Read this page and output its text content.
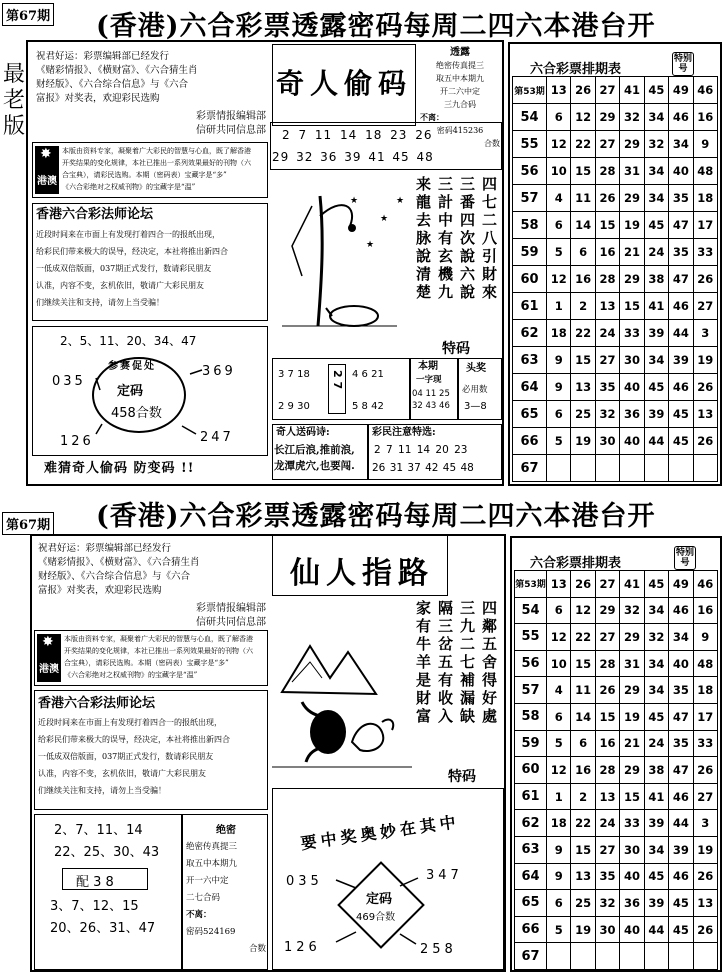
第67期 (香港)六合彩票透露密码每周二四六本港台开
最
老
版
祝君好运：彩票编辑部已经发行
《赌彩情报》、《横财富》、《六合猜生肖
财经版》、《六合综合信息》与《六合
富报》对奖表，欢迎彩民选购
彩票情报编辑部
信研共同信息部
港澳
✸ 本版由资料专家，凝聚着广大彩民的智慧与心血，既了解香港
开奖结果的变化规律，本社已推出一系列效果最好的刊物（六
合宝典），请彩民选购。本期（密码表）宝藏字是“多”
《六合彩绝对之权威刊物》的宝藏字是“温”
香港六合彩法师论坛
近段时间来在市面上有发现打着四合一的报纸出现，
给彩民们带来极大的误导，经决定，本社将推出新四合
一低成双倍版面，037期正式发行，数请彩民朋友
认准，内容不变，玄机依旧，敬请广大彩民朋友
们继续关注和支持，请勿上当受骗！
2、5、11、20、34、47
参赛促处
定码
458合数
035
369
126	247
难猜奇人偷码 防变码 !!
奇人偷码
2 7 11 14 18 23 26
29 32 36 39 41 45 48
透露
绝密传真提三
取五中本期九
开二六中定
三九合码
不离：
密码415236
合数
★
★
★
★ 来龍去脉說清楚 三計中有玄機九 三番四次說六說 四七二八引財來
特码
3 7 18
2 9 30
2 7 4 6 21
5 8 42
本期
一字现
04 11 25
32 43 46
头奖
必用数
3—8
奇人送码诗:
长江后浪,推前浪,
龙潭虎穴,也要闯.
彩民注意特选:
2 7 11 14 20 23
26 31 37 42 45 48
六合彩票排期表
特别号
第53期	13	26	27	41	45	49	46
54	6	12	29	32	34	46	16
55	12	22	27	29	32	34	9
56	10	15	28	31	34	40	48
57	4	11	26	29	34	35	18
58	6	14	15	19	45	47	17
59	5	6	16	21	24	35	33
60	12	16	28	29	38	47	26
61	1	2	13	15	41	46	27
62	18	22	24	33	39	44	3
63	9	15	27	30	34	39	19
64	9	13	35	40	45	46	26
65	6	25	32	36	39	45	13
66	5	19	30	40	44	45	26
67							
第67期 (香港)六合彩票透露密码每周二四六本港台开
祝君好运：彩票编辑部已经发行
《赌彩情报》、《横财富》、《六合猜生肖
财经版》、《六合综合信息》与《六合
富报》对奖表，欢迎彩民选购
彩票情报编辑部
信研共同信息部
港澳
✸ 本版由资料专家，凝聚着广大彩民的智慧与心血，既了解香港
开奖结果的变化规律，本社已推出一系列效果最好的刊物（六
合宝典），请彩民选购。本期（密码表）宝藏字是“多”
《六合彩绝对之权威刊物》的宝藏字是“温”
香港六合彩法师论坛
近段时间来在市面上有发现打着四合一的报纸出现，
给彩民们带来极大的误导，经决定，本社将推出新四合
一低成双倍版面，037期正式发行，数请彩民朋友
认准，内容不变，玄机依旧，敬请广大彩民朋友
们继续关注和支持，请勿上当受骗！
2、7、11、14
22、25、30、43
配 3 8
3、7、12、15
20、26、31、47
绝密
绝密传真提三
取五中本期九
开一六中定
二七合码
不离：
密码524169
合数
仙人指路
家有牛羊是財富 隔三岔五有收入 三九二七補漏缺 四鄰五舍得好處
特码
要中奖奥妙在其中
定码
469合数
035	347
126	258
六合彩票排期表
特别号
第53期	13	26	27	41	45	49	46
54	6	12	29	32	34	46	16
55	12	22	27	29	32	34	9
56	10	15	28	31	34	40	48
57	4	11	26	29	34	35	18
58	6	14	15	19	45	47	17
59	5	6	16	21	24	35	33
60	12	16	28	29	38	47	26
61	1	2	13	15	41	46	27
62	18	22	24	33	39	44	3
63	9	15	27	30	34	39	19
64	9	13	35	40	45	46	26
65	6	25	32	36	39	45	13
66	5	19	30	40	44	45	26
67							
